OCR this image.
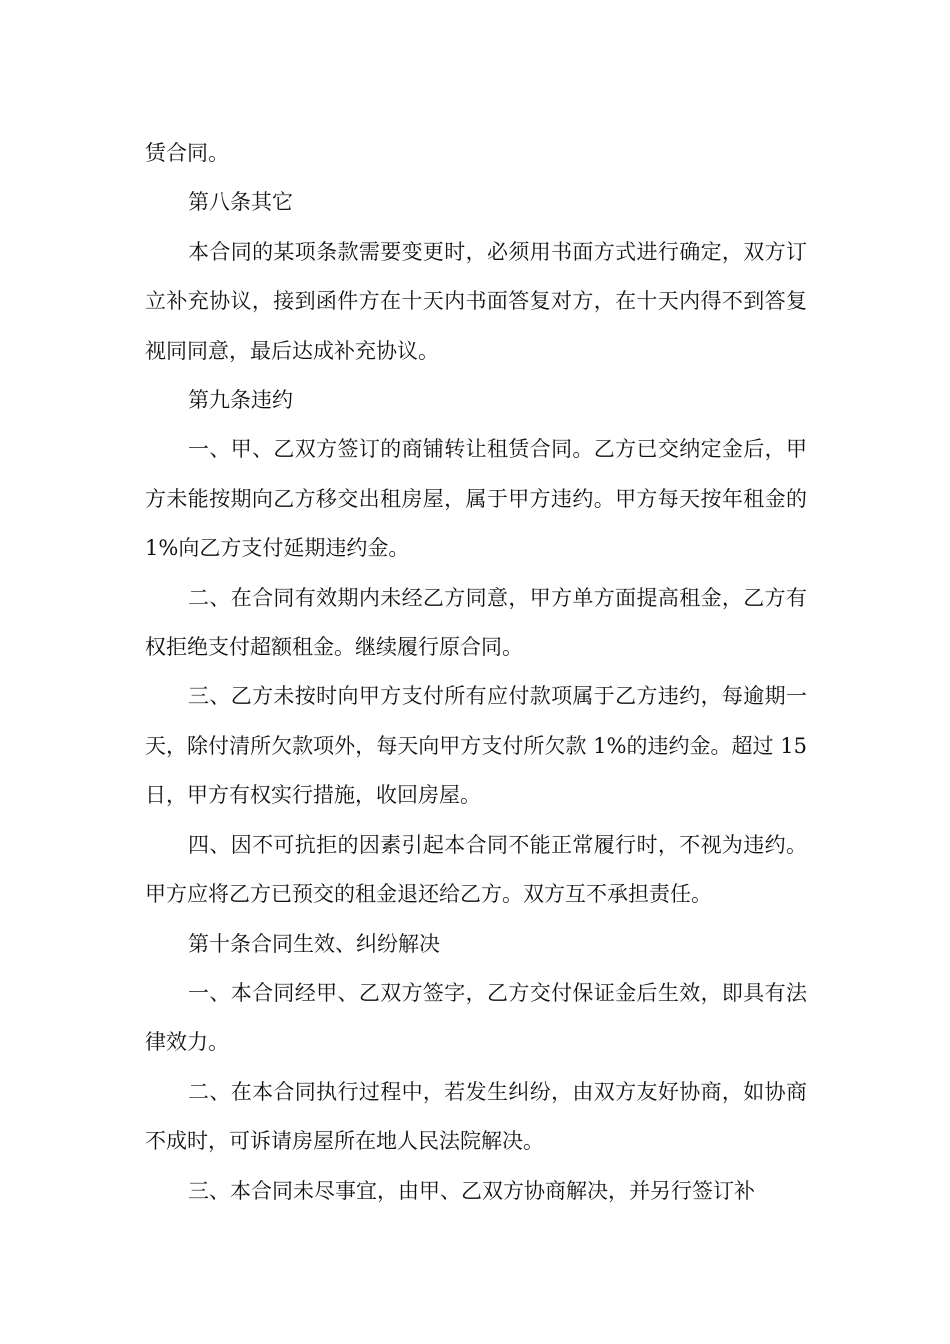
赁合同。

第八条其它

本合同的某项条款需要变更时，必须用书面方式进行确定，双方订立补充协议，接到函件方在十天内书面答复对方，在十天内得不到答复视同同意，最后达成补充协议。

第九条违约

一、甲、乙双方签订的商铺转让租赁合同。乙方已交纳定金后，甲方未能按期向乙方移交出租房屋，属于甲方违约。甲方每天按年租金的1%向乙方支付延期违约金。

二、在合同有效期内未经乙方同意，甲方单方面提高租金，乙方有权拒绝支付超额租金。继续履行原合同。

三、乙方未按时向甲方支付所有应付款项属于乙方违约，每逾期一天，除付清所欠款项外，每天向甲方支付所欠款 1%的违约金。超过 15 日，甲方有权实行措施，收回房屋。

四、因不可抗拒的因素引起本合同不能正常履行时，不视为违约。甲方应将乙方已预交的租金退还给乙方。双方互不承担责任。

第十条合同生效、纠纷解决

一、本合同经甲、乙双方签字，乙方交付保证金后生效，即具有法律效力。

二、在本合同执行过程中，若发生纠纷，由双方友好协商，如协商不成时，可诉请房屋所在地人民法院解决。

三、本合同未尽事宜，由甲、乙双方协商解决，并另行签订补
